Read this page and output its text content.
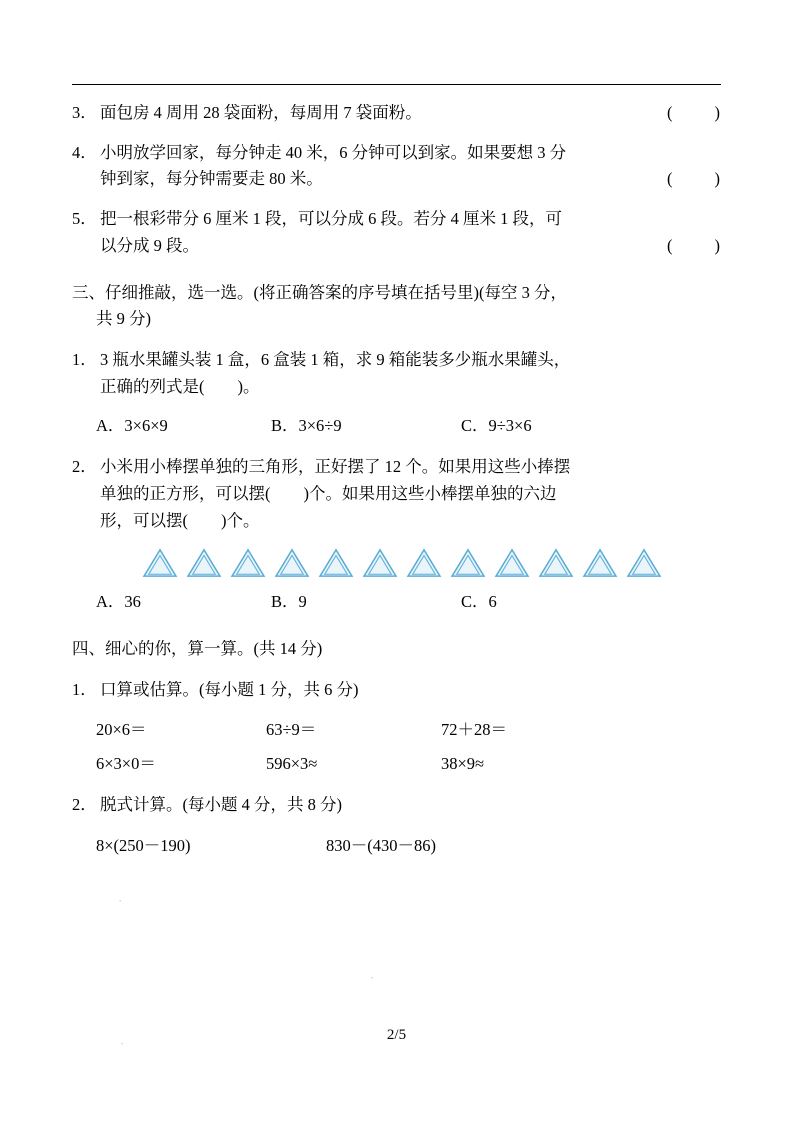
3． 面包房 4 周用 28 袋面粉，每周用 7 袋面粉。	(        )
4． 小明放学回家，每分钟走 40 米，6 分钟可以到家。如果要想 3 分
钟到家，每分钟需要走 80 米。	(        )
5． 把一根彩带分 6 厘米 1 段，可以分成 6 段。若分 4 厘米 1 段，可
以分成 9 段。	(        )
三、仔细推敲，选一选。(将正确答案的序号填在括号里)(每空 3 分，
共 9 分)
1． 3 瓶水果罐头装 1 盒，6 盒装 1 箱，求 9 箱能装多少瓶水果罐头，
正确的列式是(        )。
A．3×6×9	B．3×6÷9	C．9÷3×6
2． 小米用小棒摆单独的三角形，正好摆了 12 个。如果用这些小捧摆
单独的正方形，可以摆(        )个。如果用这些小棒摆单独的六边
形，可以摆(        )个。
A．36	B．9	C．6
四、细心的你，算一算。(共 14 分)
1． 口算或估算。(每小题 1 分，共 6 分)
20×6＝	63÷9＝	72＋28＝
6×3×0＝	596×3≈	38×9≈
2． 脱式计算。(每小题 4 分，共 8 分)
8×(250－190)	830－(430－86)
·
·
·
2/5
